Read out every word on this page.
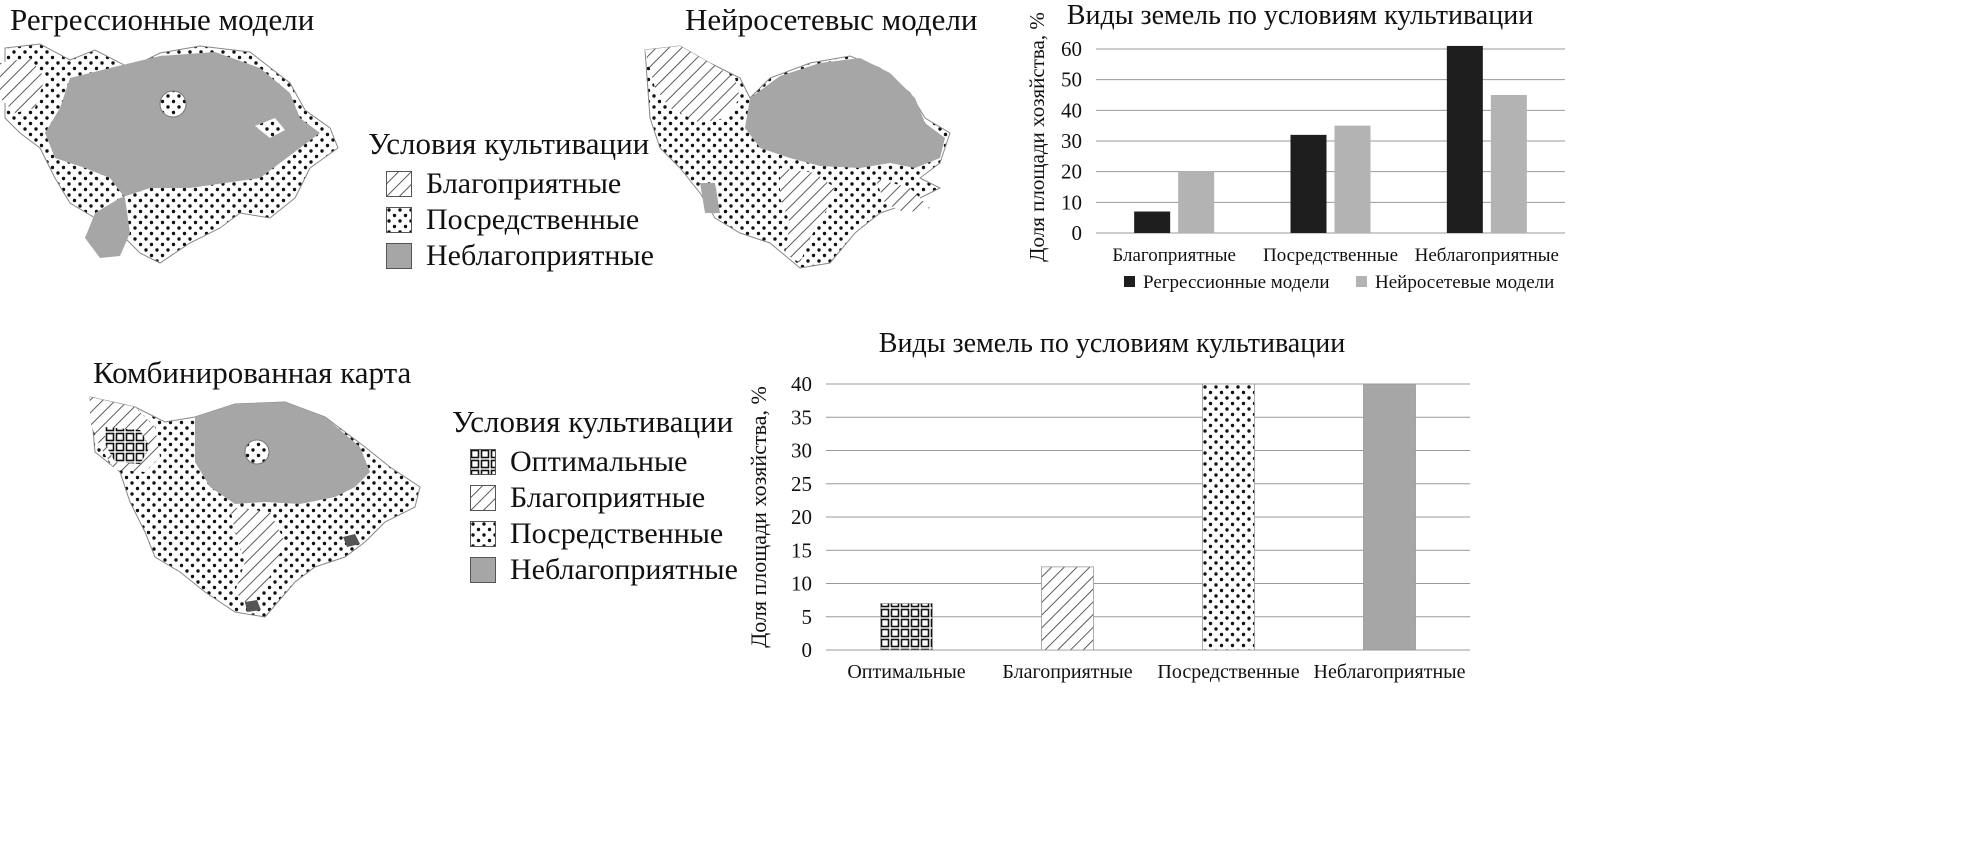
Регрессионные модели	Нейросетевыс модели
Комбинированная карта
Условия культивации
Благоприятные
Посредственные
Неблагоприятные
Условия культивации
Оптимальные
Благоприятные
Посредственные
Неблагоприятные
Виды земель по условиям культивации
Доля площади хозяйства, % 0
10
20
30
40
50
60
Благоприятные Посредственные Неблагоприятные
Регрессионные модели Нейросетевые модели
Виды земель по условиям культивации
Доля площади хозяйства, %
0
5
10
15
20
25
30
35
40
Оптимальные Благоприятные Посредственные Неблагоприятные
